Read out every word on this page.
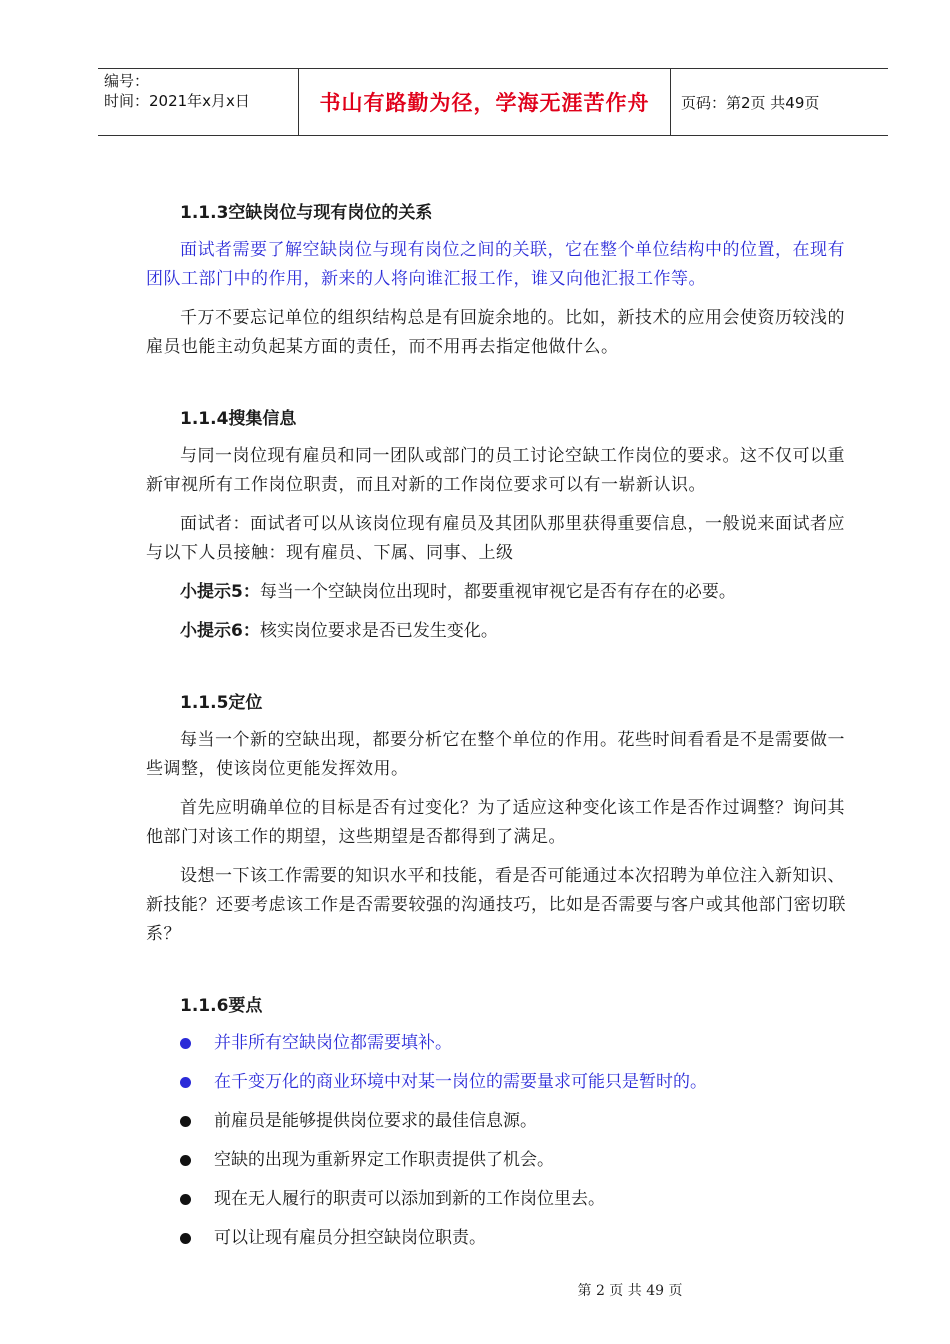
编号：
时间：2021年x月x日	书山有路勤为径，学海无涯苦作舟	页码：第2页 共49页
1.1.3空缺岗位与现有岗位的关系

面试者需要了解空缺岗位与现有岗位之间的关联，它在整个单位结构中的位置，在现有团队工部门中的作用，新来的人将向谁汇报工作，谁又向他汇报工作等。

千万不要忘记单位的组织结构总是有回旋余地的。比如，新技术的应用会使资历较浅的雇员也能主动负起某方面的责任，而不用再去指定他做什么。

1.1.4搜集信息

与同一岗位现有雇员和同一团队或部门的员工讨论空缺工作岗位的要求。这不仅可以重新审视所有工作岗位职责，而且对新的工作岗位要求可以有一崭新认识。

面试者：面试者可以从该岗位现有雇员及其团队那里获得重要信息，一般说来面试者应与以下人员接触：现有雇员、下属、同事、上级

小提示5：每当一个空缺岗位出现时，都要重视审视它是否有存在的必要。

小提示6：核实岗位要求是否已发生变化。

1.1.5定位

每当一个新的空缺出现，都要分析它在整个单位的作用。花些时间看看是不是需要做一些调整，使该岗位更能发挥效用。

首先应明确单位的目标是否有过变化？为了适应这种变化该工作是否作过调整？询问其他部门对该工作的期望，这些期望是否都得到了满足。

设想一下该工作需要的知识水平和技能，看是否可能通过本次招聘为单位注入新知识、新技能？还要考虑该工作是否需要较强的沟通技巧，比如是否需要与客户或其他部门密切联系？

1.1.6要点
并非所有空缺岗位都需要填补。
在千变万化的商业环境中对某一岗位的需要量求可能只是暂时的。
前雇员是能够提供岗位要求的最佳信息源。
空缺的出现为重新界定工作职责提供了机会。
现在无人履行的职责可以添加到新的工作岗位里去。
可以让现有雇员分担空缺岗位职责。
第 2 页 共 49 页
